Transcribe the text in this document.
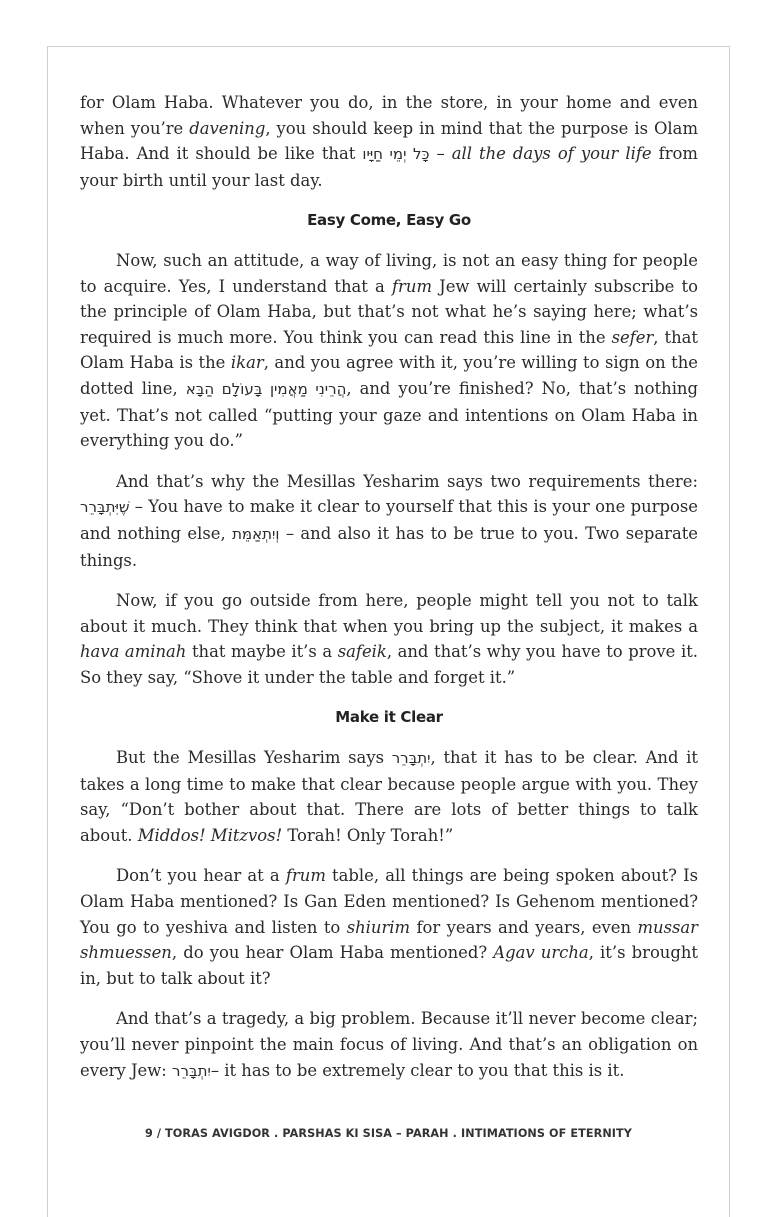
for Olam Haba. Whatever you do, in the store, in your home and even when you’re davening, you should keep in mind that the purpose is Olam Haba. And it should be like that כָּל יְמֵי חַיָּיו – all the days of your life from your birth until your last day.

Easy Come, Easy Go

Now, such an attitude, a way of living, is not an easy thing for people to acquire. Yes, I understand that a frum Jew will certainly subscribe to the principle of Olam Haba, but that’s not what he’s saying here; what’s required is much more. You think you can read this line in the sefer, that Olam Haba is the ikar, and you agree with it, you’re willing to sign on the dotted line, הֲרֵינִי מַאֲמִין בָּעוֹלָם הַבָּא, and you’re finished? No, that’s nothing yet. That’s not called “putting your gaze and intentions on Olam Haba in everything you do.”

And that’s why the Mesillas Yesharim says two requirements there: שֶׁיִּתְבָּרֵר – You have to make it clear to yourself that this is your one purpose and nothing else, וְיִתְאַמֵּת – and also it has to be true to you. Two separate things.

Now, if you go outside from here, people might tell you not to talk about it much. They think that when you bring up the subject, it makes a hava aminah that maybe it’s a safeik, and that’s why you have to prove it. So they say, “Shove it under the table and forget it.”

Make it Clear

But the Mesillas Yesharim says יִתְבָּרֵר, that it has to be clear. And it takes a long time to make that clear because people argue with you. They say, “Don’t bother about that. There are lots of better things to talk about. Middos! Mitzvos! Torah! Only Torah!”

Don’t you hear at a frum table, all things are being spoken about? Is Olam Haba mentioned? Is Gan Eden mentioned? Is Gehenom mentioned? You go to yeshiva and listen to shiurim for years and years, even mussar shmuessen, do you hear Olam Haba mentioned? Agav urcha, it’s brought in, but to talk about it?

And that’s a tragedy, a big problem. Because it’ll never become clear; you’ll never pinpoint the main focus of living. And that’s an obligation on every Jew: יִתְבָּרֵר– it has to be extremely clear to you that this is it.

9 / TORAS AVIGDOR . PARSHAS KI SISA – PARAH . INTIMATIONS OF ETERNITY
